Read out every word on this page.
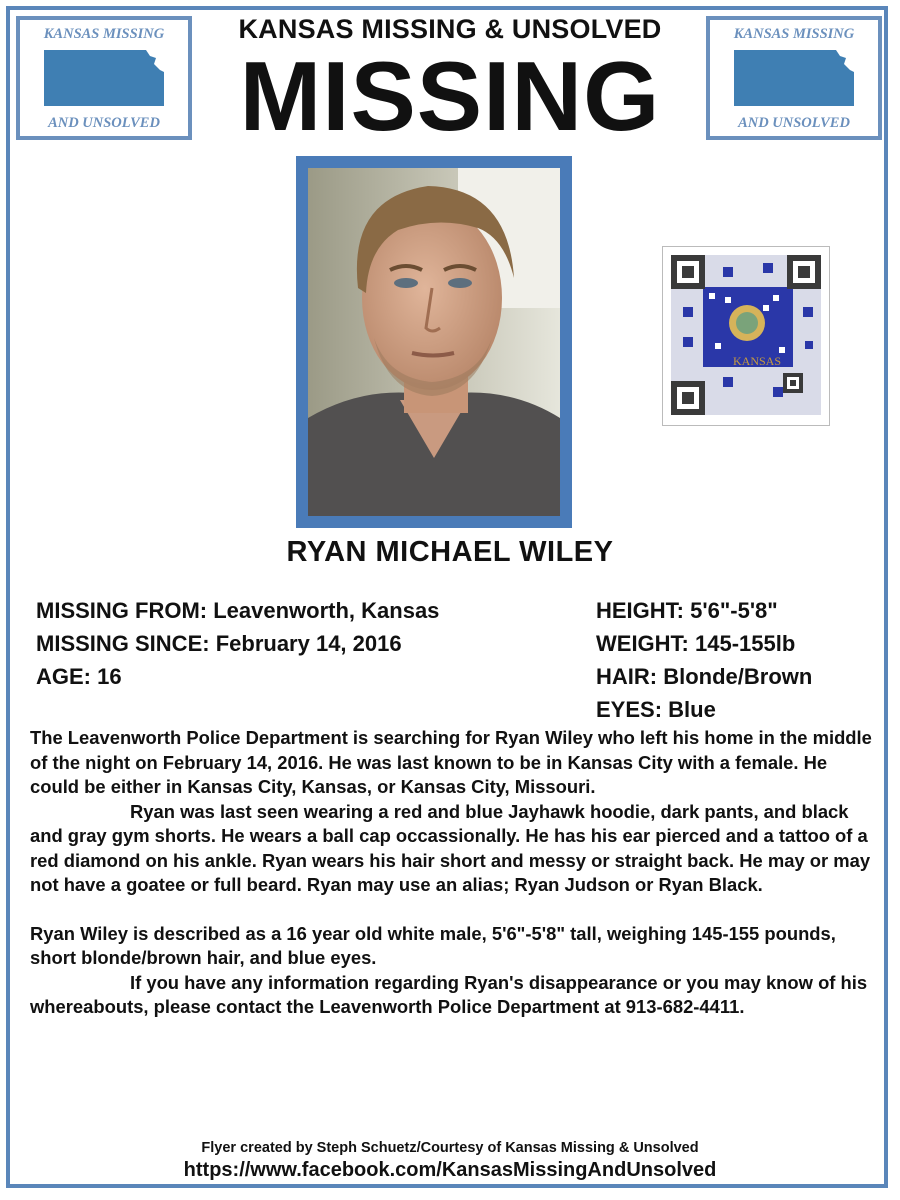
KANSAS MISSING
AND UNSOLVED
KANSAS MISSING
AND UNSOLVED
KANSAS MISSING & UNSOLVED
MISSING
KANSAS
RYAN MICHAEL WILEY
MISSING FROM: Leavenworth, Kansas
MISSING SINCE: February 14, 2016
AGE: 16
HEIGHT: 5'6"-5'8"
WEIGHT: 145-155lb
HAIR: Blonde/Brown
EYES: Blue

The Leavenworth Police Department is searching for Ryan Wiley who left his home in the middle of the night on February 14, 2016. He was last known to be in Kansas City with a female. He could be either in Kansas City, Kansas, or Kansas City, Missouri.

Ryan was last seen wearing a red and blue Jayhawk hoodie, dark pants, and black and gray gym shorts. He wears a ball cap occassionally. He has his ear pierced and a tattoo of a red diamond on his ankle. Ryan wears his hair short and messy or straight back. He may or may not have a goatee or full beard. Ryan may use an alias; Ryan Judson or Ryan Black.

Ryan Wiley is described as a 16 year old white male, 5'6"-5'8" tall, weighing 145-155 pounds, short blonde/brown hair, and blue eyes.

If you have any information regarding Ryan's disappearance or you may know of his whereabouts, please contact the Leavenworth Police Department at 913-682-4411.

Flyer created by Steph Schuetz/Courtesy of Kansas Missing & Unsolved
https://www.facebook.com/KansasMissingAndUnsolved
